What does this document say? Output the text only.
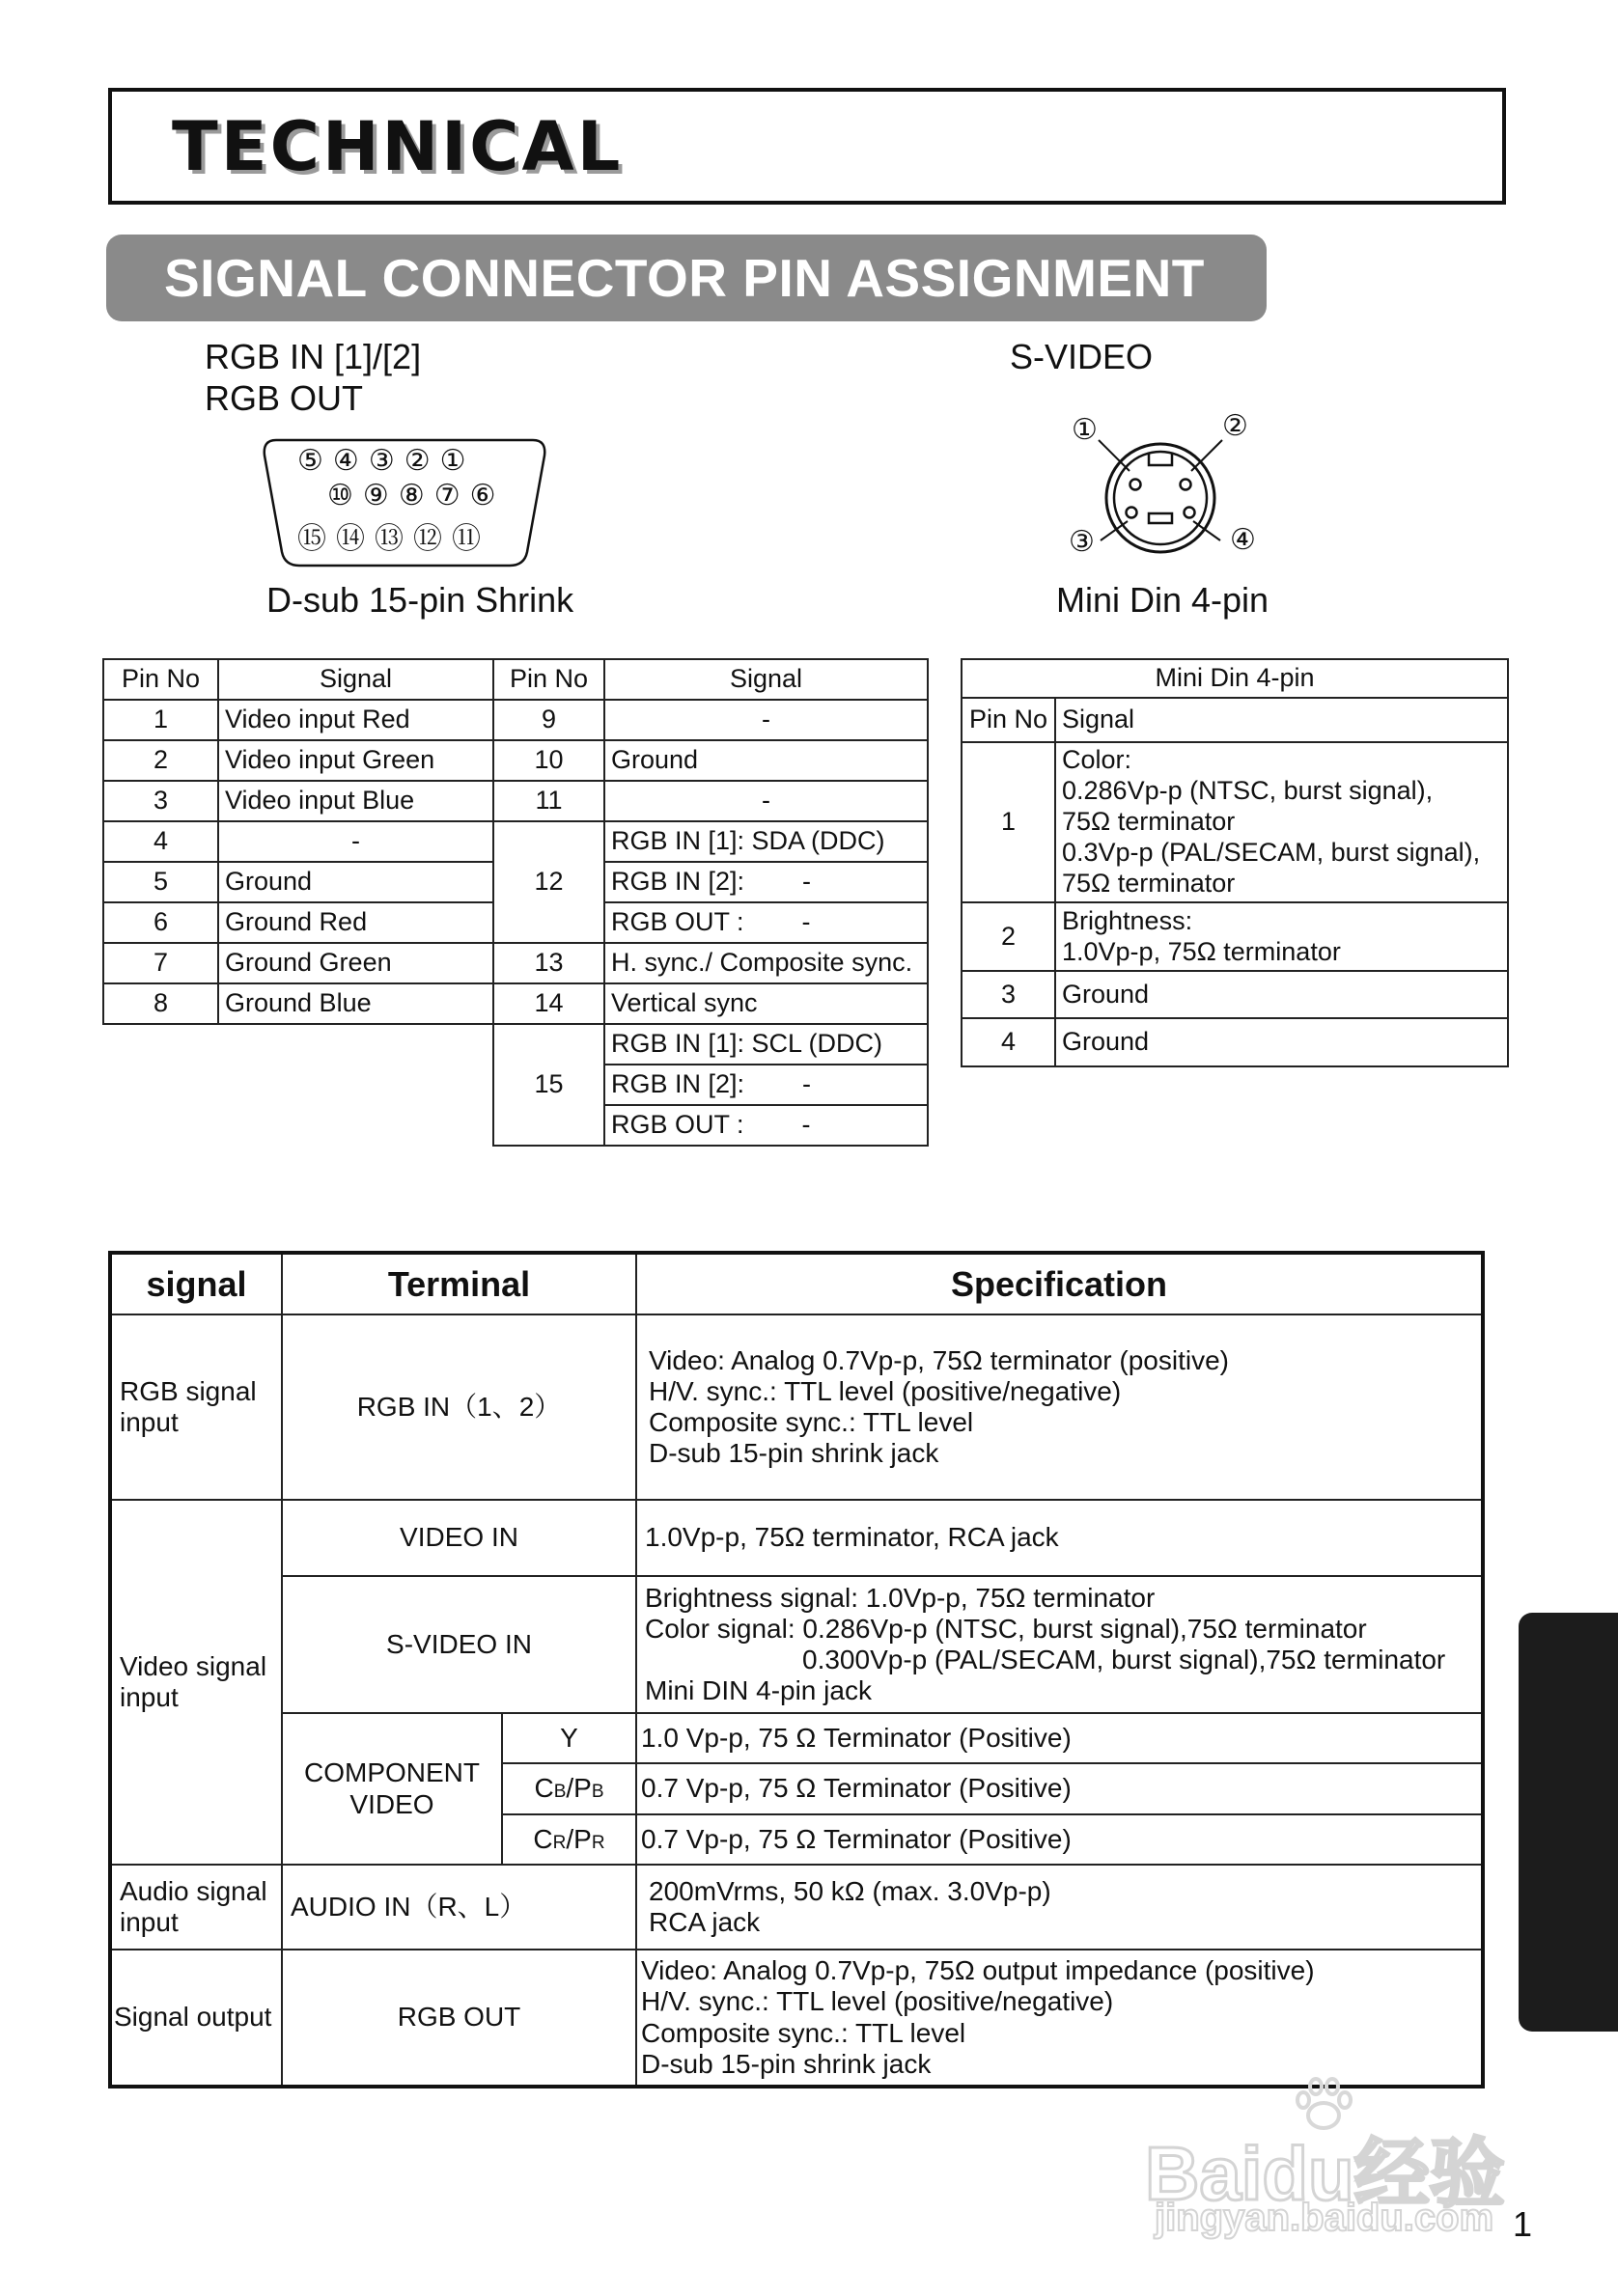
TECHNICAL
SIGNAL CONNECTOR PIN ASSIGNMENT
RGB IN [1]/[2]
RGB OUT
⑤④③②①
⑩⑨⑧⑦⑥
⑮⑭⑬⑫⑪
D-sub 15-pin Shrink
S-VIDEO
①	②
③	④
Mini Din 4-pin
Pin No	Signal	Pin No	Signal
1	Video input Red	9	-
2	Video input Green	10	Ground
3	Video input Blue	11	-
4	-	12	RGB IN [1]: SDA (DDC)
5	Ground		RGB IN [2]:        -
6	Ground Red		RGB OUT :        -
7	Ground Green	13	H. sync./ Composite sync.
8	Ground Blue	14	Vertical sync
		15	RGB IN [1]: SCL (DDC)
			RGB IN [2]:        -
			RGB OUT :        -
Mini Din 4-pin	
Pin No	Signal
1	Color:
0.286Vp-p (NTSC, burst signal),
75Ω terminator
0.3Vp-p (PAL/SECAM, burst signal),
75Ω terminator

2	Brightness:
1.0Vp-p, 75Ω terminator

3	Ground
4	Ground
signal	Terminal		Specification
RGB signal input	RGB IN（1、2）		Video: Analog 0.7Vp-p, 75Ω terminator (positive)
H/V. sync.: TTL level (positive/negative)
Composite sync.: TTL level
D-sub 15-pin shrink jack

Video signal input	VIDEO IN		1.0Vp-p, 75Ω terminator, RCA jack
	S-VIDEO IN		Brightness signal: 1.0Vp-p, 75Ω terminator
Color signal: 0.286Vp-p (NTSC, burst signal),75Ω terminator
0.300Vp-p (PAL/SECAM, burst signal),75Ω terminator
Mini DIN 4-pin jack

	COMPONENT VIDEO	Y	1.0 Vp-p, 75 Ω Terminator (Positive)
		CB/PB	0.7 Vp-p, 75 Ω Terminator (Positive)
		CR/PR	0.7 Vp-p, 75 Ω Terminator (Positive)
Audio signal input	AUDIO IN（R、L）		200mVrms, 50 kΩ (max. 3.0Vp-p)
RCA jack

Signal output	RGB OUT		Video: Analog 0.7Vp-p, 75Ω output impedance (positive)
H/V. sync.: TTL level (positive/negative)
Composite sync.: TTL level
D-sub 15-pin shrink jack
Baidu经验
jingyan.baidu.com 1
